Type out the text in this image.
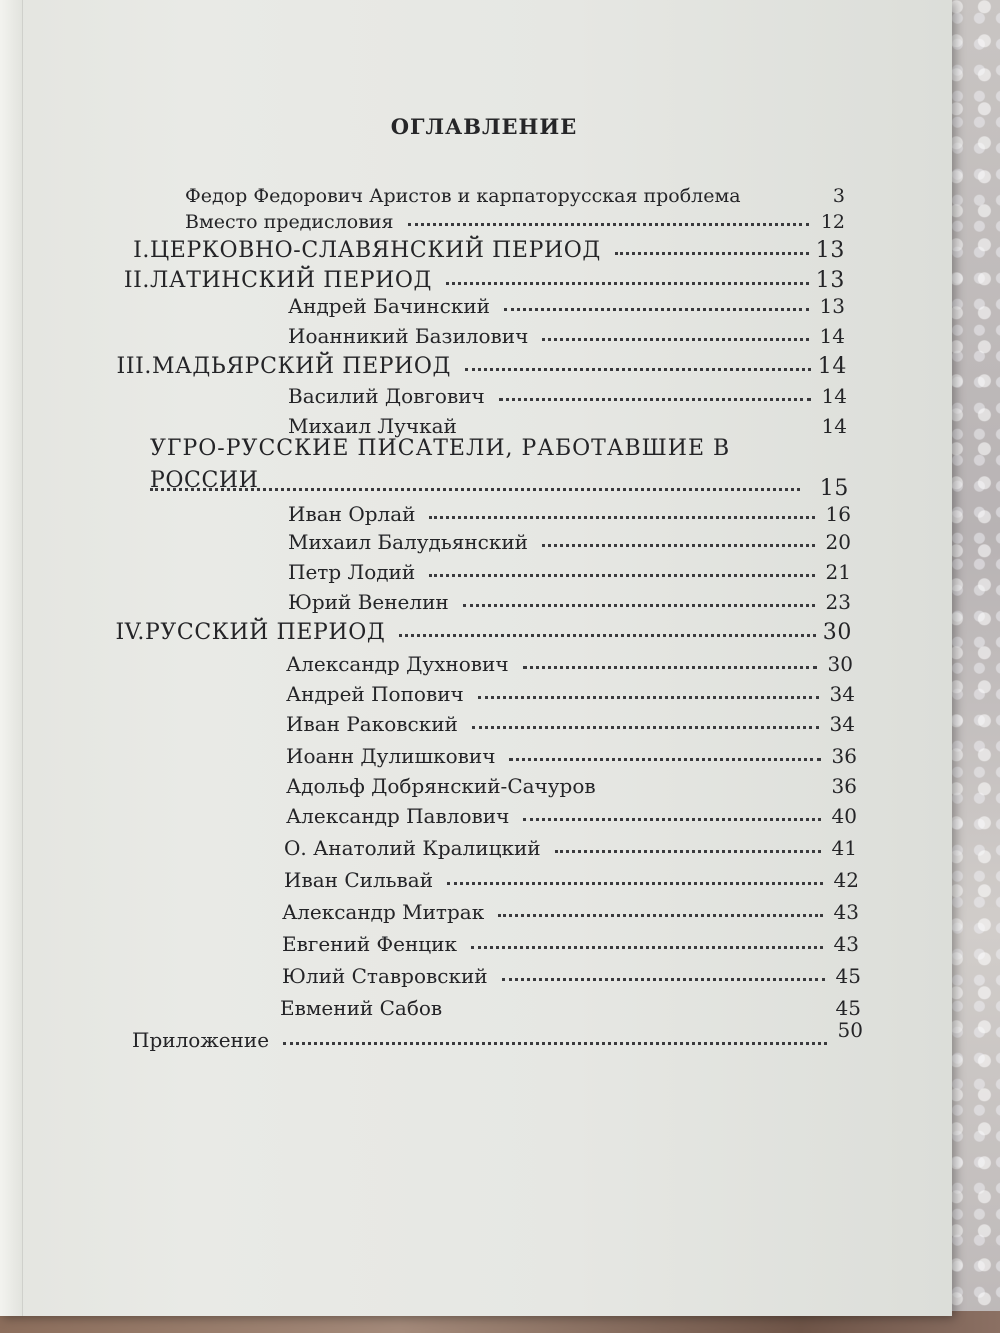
ОГЛАВЛЕНИЕ
Федор Федорович Аристов и карпаторусская проблема	3
Вместо предисловия	12
I. ЦЕРКОВНО-СЛАВЯНСКИЙ ПЕРИОД	13
II. ЛАТИНСКИЙ ПЕРИОД	13
Андрей Бачинский	13
Иоанникий Базилович	14
III. МАДЬЯРСКИЙ ПЕРИОД	14
Василий Довгович	14
Михаил Лучкай	14
УГРО-РУССКИЕ ПИСАТЕЛИ, РАБОТАВШИЕ В
РОССИИ	15
Иван Орлай	16
Михаил Балудьянский	20
Петр Лодий	21
Юрий Венелин	23
IV. РУССКИЙ ПЕРИОД	30
Александр Духнович	30
Андрей Попович	34
Иван Раковский	34
Иоанн Дулишкович	36
Адольф Добрянский-Сачуров	36
Александр Павлович	40
О. Анатолий Кралицкий	41
Иван Сильвай	42
Александр Митрак	43
Евгений Фенцик	43
Юлий Ставровский	45
Евмений Сабов	45
Приложение	50
